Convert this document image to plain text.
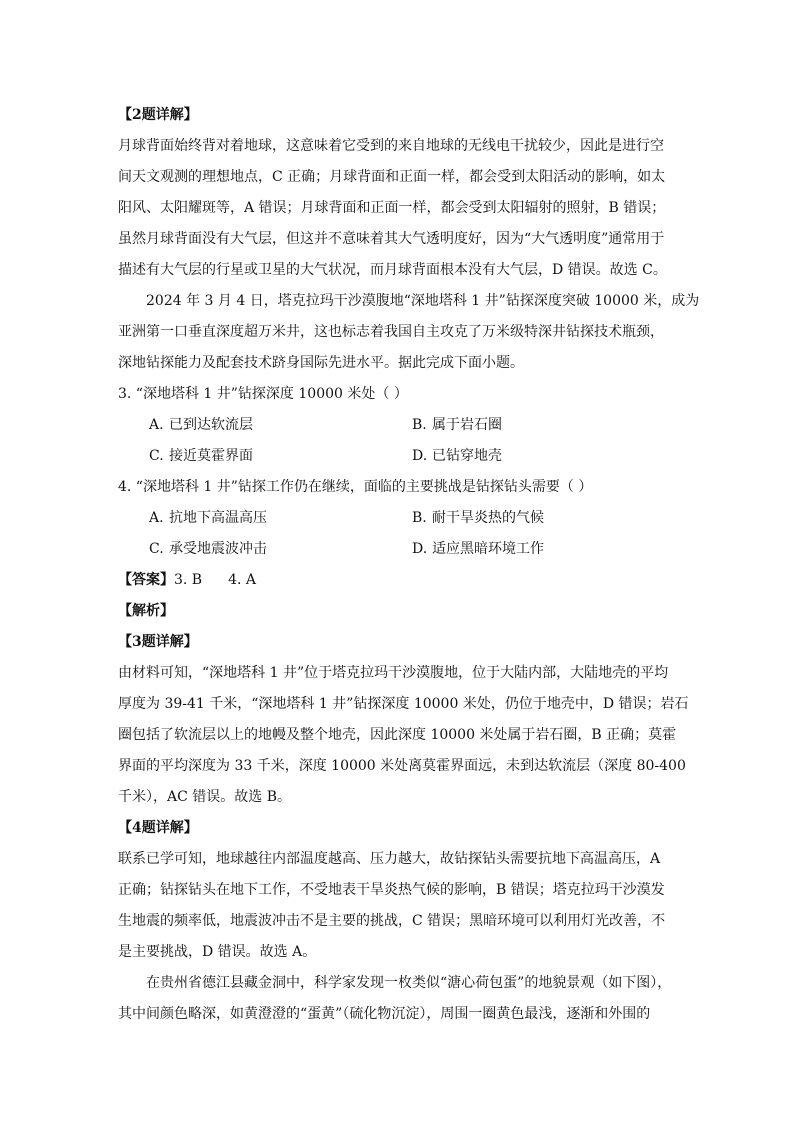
【2题详解】
月球背面始终背对着地球，这意味着它受到的来自地球的无线电干扰较少，因此是进行空
间天文观测的理想地点，C 正确；月球背面和正面一样，都会受到太阳活动的影响，如太
阳风、太阳耀斑等，A 错误；月球背面和正面一样，都会受到太阳辐射的照射，B 错误；
虽然月球背面没有大气层，但这并不意味着其大气透明度好，因为“大气透明度”通常用于
描述有大气层的行星或卫星的大气状况，而月球背面根本没有大气层，D 错误。故选 C。
2024 年 3 月 4 日，塔克拉玛干沙漠腹地“深地塔科 1 井”钻探深度突破 10000 米，成为
亚洲第一口垂直深度超万米井，这也标志着我国自主攻克了万米级特深井钻探技术瓶颈，
深地钻探能力及配套技术跻身国际先进水平。据此完成下面小题。
3. “深地塔科 1 井”钻探深度 10000 米处（ ）
A. 已到达软流层	B. 属于岩石圈
C. 接近莫霍界面	D. 已钻穿地壳
4. “深地塔科 1 井”钻探工作仍在继续，面临的主要挑战是钻探钻头需要（ ）
A. 抗地下高温高压	B. 耐干旱炎热的气候
C. 承受地震波冲击	D. 适应黑暗环境工作
【答案】3. B 4. A
【解析】
【3题详解】
由材料可知，“深地塔科 1 井”位于塔克拉玛干沙漠腹地，位于大陆内部，大陆地壳的平均
厚度为 39-41 千米，“深地塔科 1 井”钻探深度 10000 米处，仍位于地壳中，D 错误；岩石
圈包括了软流层以上的地幔及整个地壳，因此深度 10000 米处属于岩石圈，B 正确；莫霍
界面的平均深度为 33 千米，深度 10000 米处离莫霍界面远，未到达软流层（深度 80-400
千米），AC 错误。故选 B。
【4题详解】
联系已学可知，地球越往内部温度越高、压力越大，故钻探钻头需要抗地下高温高压，A
正确；钻探钻头在地下工作，不受地表干旱炎热气候的影响，B 错误；塔克拉玛干沙漠发
生地震的频率低，地震波冲击不是主要的挑战，C 错误；黑暗环境可以利用灯光改善，不
是主要挑战，D 错误。故选 A。
在贵州省德江县藏金洞中，科学家发现一枚类似“溏心荷包蛋”的地貌景观（如下图），
其中间颜色略深，如黄澄澄的“蛋黄”（硫化物沉淀），周围一圈黄色最浅，逐渐和外围的
